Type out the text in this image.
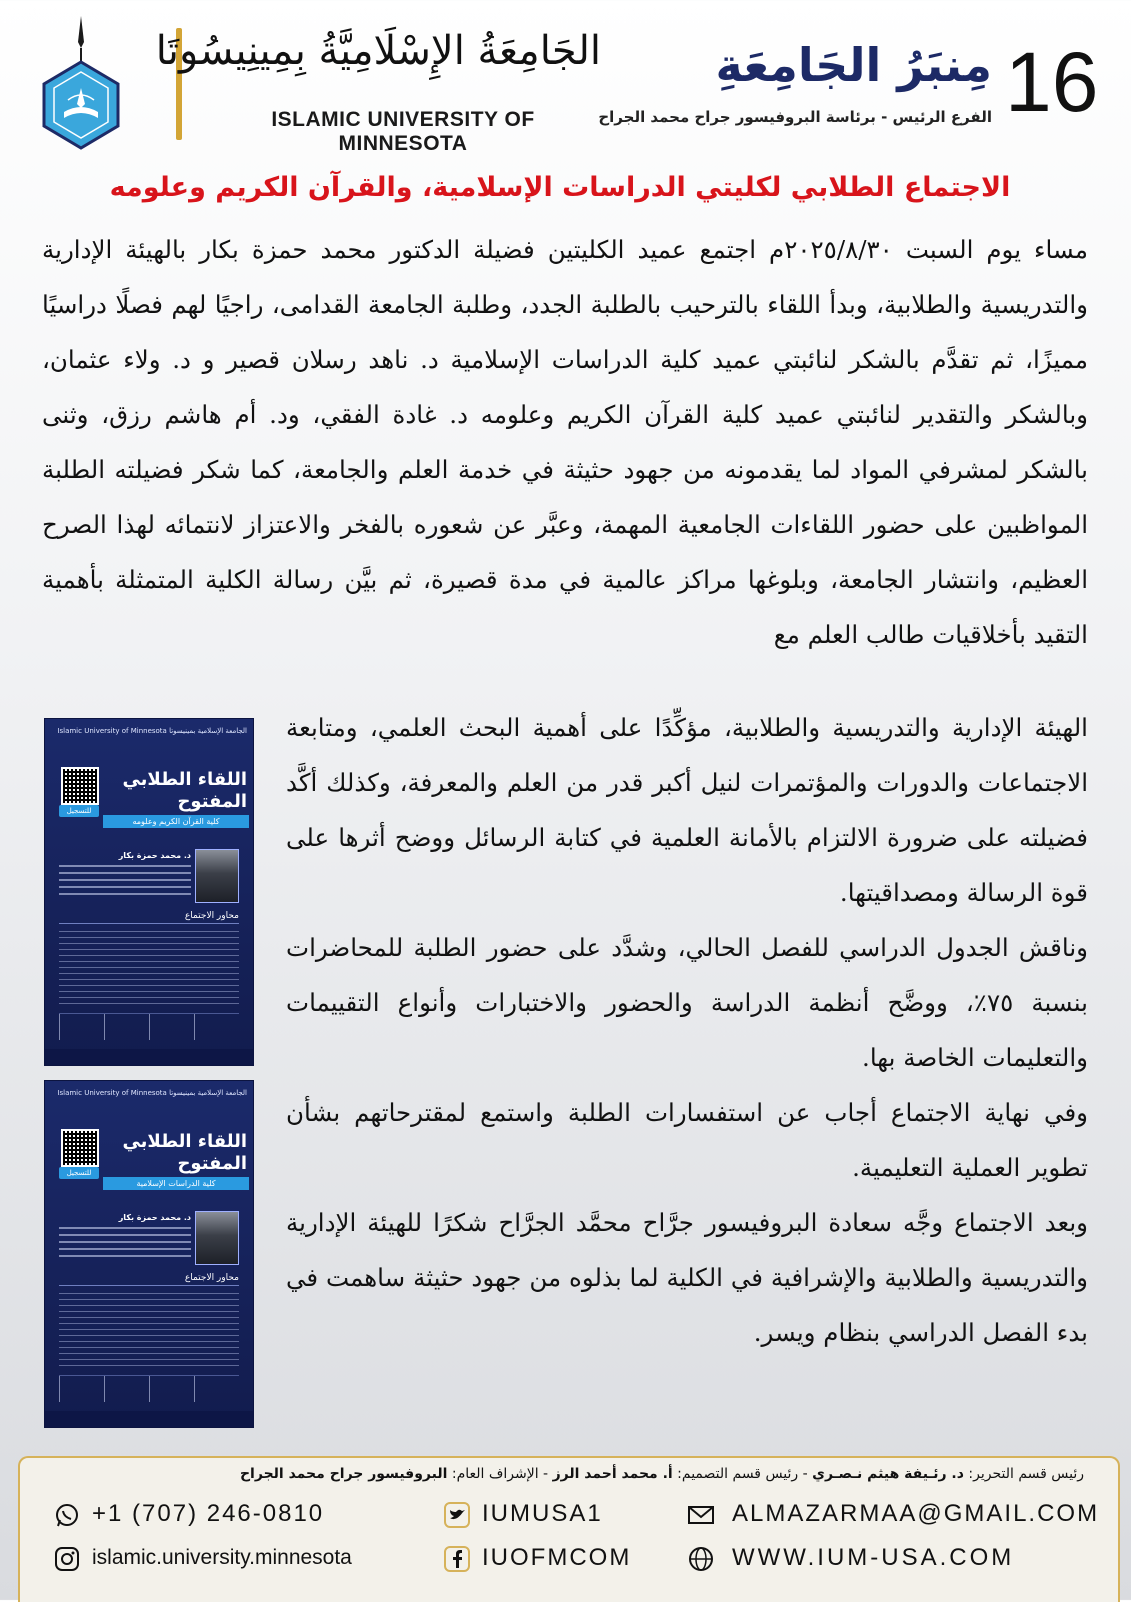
الجَامِعَةُ الإِسْلَامِيَّةُ بِمِينِيسُوتَا
ISLAMIC UNIVERSITY OF MINNESOTA
مِنبَرُ الجَامِعَةِ
الفرع الرئيس - برئاسة البروفيسور جراح محمد الجراح 16
الاجتماع الطلابي لكليتي الدراسات الإسلامية، والقرآن الكريم وعلومه

مساء يوم السبت ٢٠٢٥/٨/٣٠م اجتمع عميد الكليتين فضيلة الدكتور محمد حمزة بكار بالهيئة الإدارية والتدريسية والطلابية، وبدأ اللقاء بالترحيب بالطلبة الجدد، وطلبة الجامعة القدامى، راجيًا لهم فصلًا دراسيًا مميزًا، ثم تقدَّم بالشكر لنائبتي عميد كلية الدراسات الإسلامية د. ناهد رسلان قصير و د. ولاء عثمان، وبالشكر والتقدير لنائبتي عميد كلية القرآن الكريم وعلومه د. غادة الفقي، ود. أم هاشم رزق، وثنى بالشكر لمشرفي المواد لما يقدمونه من جهود حثيثة في خدمة العلم والجامعة، كما شكر فضيلته الطلبة المواظبين على حضور اللقاءات الجامعية المهمة، وعبَّر عن شعوره بالفخر والاعتزاز لانتمائه لهذا الصرح العظيم، وانتشار الجامعة، وبلوغها مراكز عالمية في مدة قصيرة، ثم بيَّن رسالة الكلية المتمثلة بأهمية التقيد بأخلاقيات طالب العلم مع

الهيئة الإدارية والتدريسية والطلابية، مؤكِّدًا على أهمية البحث العلمي، ومتابعة الاجتماعات والدورات والمؤتمرات لنيل أكبر قدر من العلم والمعرفة، وكذلك أكَّد فضيلته على ضرورة الالتزام بالأمانة العلمية في كتابة الرسائل ووضح أثرها على قوة الرسالة ومصداقيتها.
وناقش الجدول الدراسي للفصل الحالي، وشدَّد على حضور الطلبة للمحاضرات بنسبة ٧٥٪، ووضَّح أنظمة الدراسة والحضور والاختبارات وأنواع التقييمات والتعليمات الخاصة بها.
وفي نهاية الاجتماع أجاب عن استفسارات الطلبة واستمع لمقترحاتهم بشأن تطوير العملية التعليمية.
وبعد الاجتماع وجَّه سعادة البروفيسور جرَّاح محمَّد الجرَّاح شكرًا للهيئة الإدارية والتدريسية والطلابية والإشرافية في الكلية لما بذلوه من جهود حثيثة ساهمت في بدء الفصل الدراسي بنظام ويسر.
الجامعة الإسلامية بمينيسوتا Islamic University of Minnesota
للتسجيل
اللقاء الطلابي المفتوح
كلية القرآن الكريم وعلومه
د. محمد حمزة بكار
محاور الاجتماع
الجامعة الإسلامية بمينيسوتا Islamic University of Minnesota
للتسجيل
اللقاء الطلابي المفتوح
كلية الدراسات الإسلامية
د. محمد حمزة بكار
محاور الاجتماع
رئيس قسم التحرير: د. رئـيفة هيثم نـصـري - رئيس قسم التصميم: أ. محمد أحمد الرز - الإشراف العام: البروفيسور جراح محمد الجراح
+1 (707) 246-0810	IUMUSA1	ALMAZARMAA@GMAIL.COM
islamic.university.minnesota	IUOFMCOM	WWW.IUM-USA.COM
